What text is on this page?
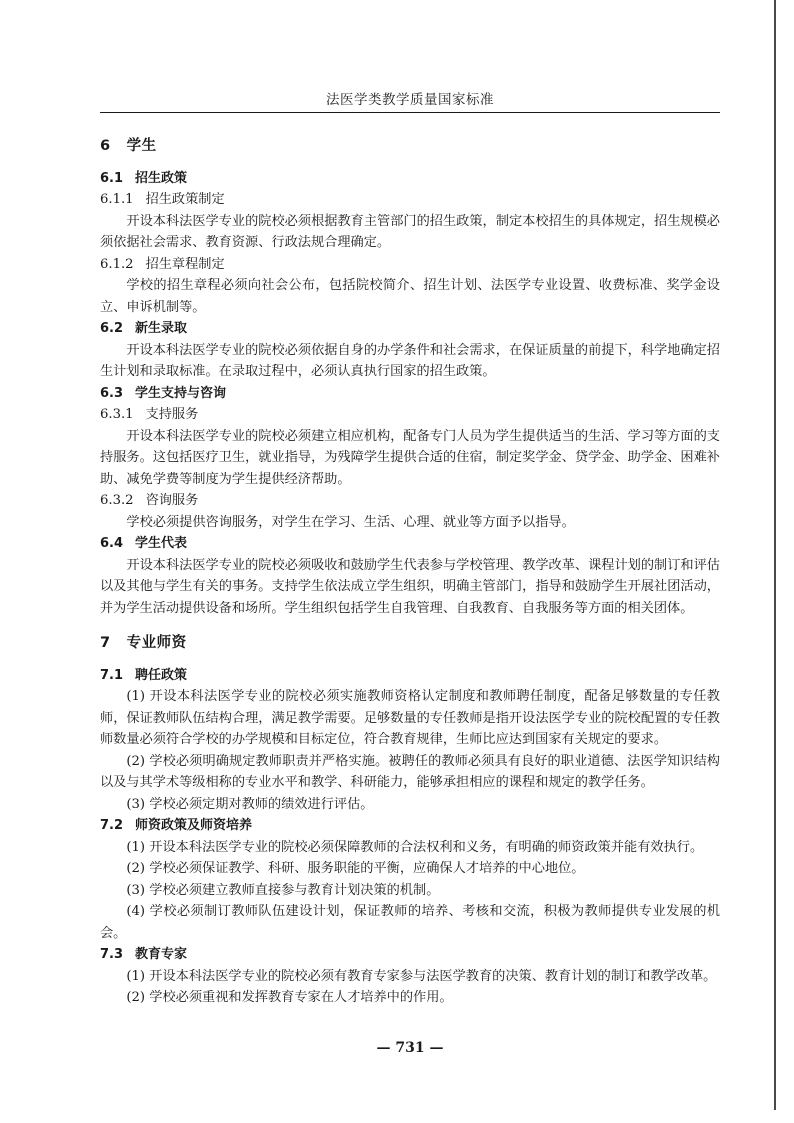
法医学类教学质量国家标准
6 学生
6.1 招生政策
6.1.1 招生政策制定

开设本科法医学专业的院校必须根据教育主管部门的招生政策，制定本校招生的具体规定，招生规模必须依据社会需求、教育资源、行政法规合理确定。

6.1.2 招生章程制定

学校的招生章程必须向社会公布，包括院校简介、招生计划、法医学专业设置、收费标准、奖学金设立、申诉机制等。

6.2 新生录取

开设本科法医学专业的院校必须依据自身的办学条件和社会需求，在保证质量的前提下，科学地确定招生计划和录取标准。在录取过程中，必须认真执行国家的招生政策。

6.3 学生支持与咨询
6.3.1 支持服务

开设本科法医学专业的院校必须建立相应机构，配备专门人员为学生提供适当的生活、学习等方面的支持服务。这包括医疗卫生，就业指导，为残障学生提供合适的住宿，制定奖学金、贷学金、助学金、困难补助、减免学费等制度为学生提供经济帮助。

6.3.2 咨询服务

学校必须提供咨询服务，对学生在学习、生活、心理、就业等方面予以指导。

6.4 学生代表

开设本科法医学专业的院校必须吸收和鼓励学生代表参与学校管理、教学改革、课程计划的制订和评估以及其他与学生有关的事务。支持学生依法成立学生组织，明确主管部门，指导和鼓励学生开展社团活动，并为学生活动提供设备和场所。学生组织包括学生自我管理、自我教育、自我服务等方面的相关团体。

7 专业师资
7.1 聘任政策

(1) 开设本科法医学专业的院校必须实施教师资格认定制度和教师聘任制度，配备足够数量的专任教师，保证教师队伍结构合理，满足教学需要。足够数量的专任教师是指开设法医学专业的院校配置的专任教师数量必须符合学校的办学规模和目标定位，符合教育规律，生师比应达到国家有关规定的要求。

(2) 学校必须明确规定教师职责并严格实施。被聘任的教师必须具有良好的职业道德、法医学知识结构以及与其学术等级相称的专业水平和教学、科研能力，能够承担相应的课程和规定的教学任务。

(3) 学校必须定期对教师的绩效进行评估。

7.2 师资政策及师资培养

(1) 开设本科法医学专业的院校必须保障教师的合法权利和义务，有明确的师资政策并能有效执行。

(2) 学校必须保证教学、科研、服务职能的平衡，应确保人才培养的中心地位。

(3) 学校必须建立教师直接参与教育计划决策的机制。

(4) 学校必须制订教师队伍建设计划，保证教师的培养、考核和交流，积极为教师提供专业发展的机会。

7.3 教育专家

(1) 开设本科法医学专业的院校必须有教育专家参与法医学教育的决策、教育计划的制订和教学改革。

(2) 学校必须重视和发挥教育专家在人才培养中的作用。

— 731 —
